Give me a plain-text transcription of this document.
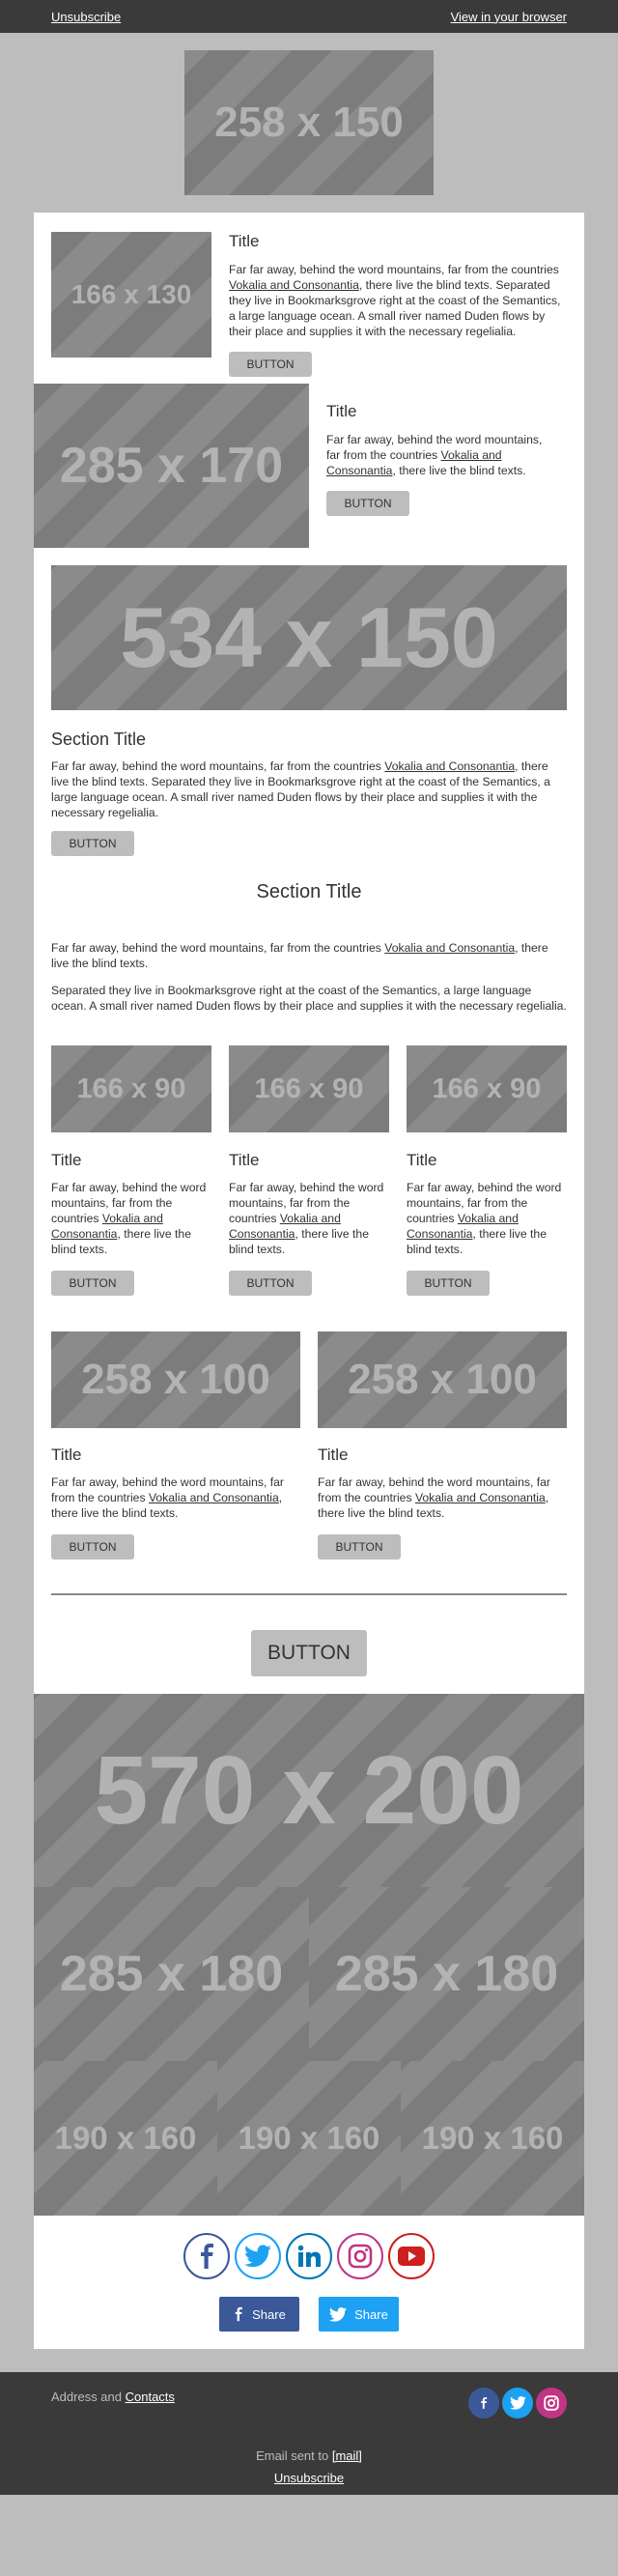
Unsubscribe	View in your browser
258 x 150
166 x 130
Title

Far far away, behind the word mountains, far from the countries Vokalia and Consonantia, there live the blind texts. Separated they live in Bookmarksgrove right at the coast of the Semantics, a large language ocean. A small river named Duden flows by their place and supplies it with the necessary regelialia.

BUTTON
285 x 170
Title

Far far away, behind the word mountains, far from the countries Vokalia and Consonantia, there live the blind texts.

BUTTON
534 x 150
Section Title

Far far away, behind the word mountains, far from the countries Vokalia and Consonantia, there live the blind texts. Separated they live in Bookmarksgrove right at the coast of the Semantics, a large language ocean. A small river named Duden flows by their place and supplies it with the necessary regelialia.

BUTTON
Section Title

Far far away, behind the word mountains, far from the countries Vokalia and Consonantia, there live the blind texts.

Separated they live in Bookmarksgrove right at the coast of the Semantics, a large language ocean. A small river named Duden flows by their place and supplies it with the necessary regelialia.

166 x 90
Title

Far far away, behind the word mountains, far from the countries Vokalia and Consonantia, there live the blind texts.

BUTTON
166 x 90
Title

Far far away, behind the word mountains, far from the countries Vokalia and Consonantia, there live the blind texts.

BUTTON
166 x 90
Title

Far far away, behind the word mountains, far from the countries Vokalia and Consonantia, there live the blind texts.

BUTTON
258 x 100
Title

Far far away, behind the word mountains, far from the countries Vokalia and Consonantia, there live the blind texts.

BUTTON
258 x 100
Title

Far far away, behind the word mountains, far from the countries Vokalia and Consonantia, there live the blind texts.

BUTTON
BUTTON
570 x 200
285 x 180	285 x 180
190 x 160	190 x 160	190 x 160
Share	Share
Address and Contacts
Email sent to [mail]
Unsubscribe
